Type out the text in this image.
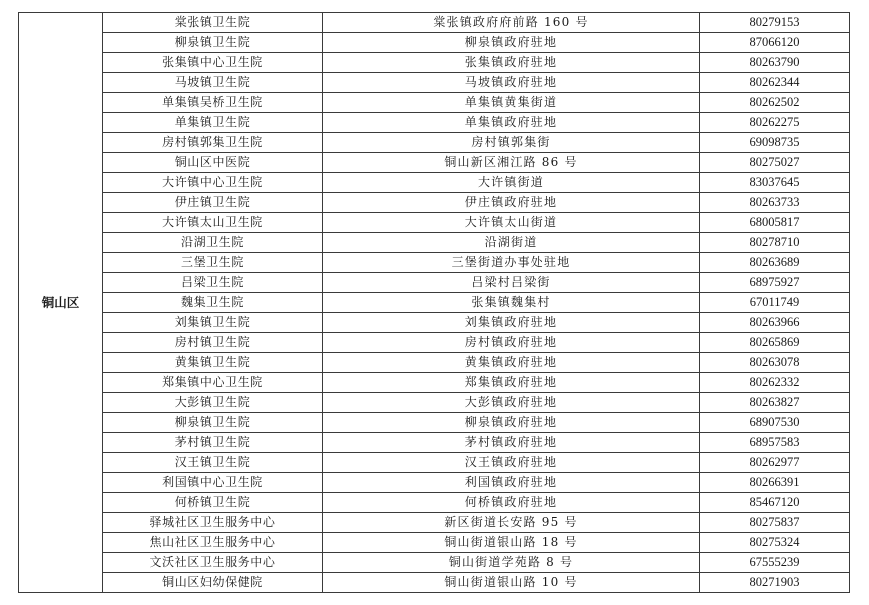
铜山区	棠张镇卫生院	棠张镇政府府前路 160 号	80279153
	柳泉镇卫生院	柳泉镇政府驻地	87066120
	张集镇中心卫生院	张集镇政府驻地	80263790
	马坡镇卫生院	马坡镇政府驻地	80262344
	单集镇吴桥卫生院	单集镇黄集街道	80262502
	单集镇卫生院	单集镇政府驻地	80262275
	房村镇郭集卫生院	房村镇郭集街	69098735
	铜山区中医院	铜山新区湘江路 86 号	80275027
	大许镇中心卫生院	大许镇街道	83037645
	伊庄镇卫生院	伊庄镇政府驻地	80263733
	大许镇太山卫生院	大许镇太山街道	68005817
	沿湖卫生院	沿湖街道	80278710
	三堡卫生院	三堡街道办事处驻地	80263689
	吕梁卫生院	吕梁村吕梁街	68975927
	魏集卫生院	张集镇魏集村	67011749
	刘集镇卫生院	刘集镇政府驻地	80263966
	房村镇卫生院	房村镇政府驻地	80265869
	黄集镇卫生院	黄集镇政府驻地	80263078
	郑集镇中心卫生院	郑集镇政府驻地	80262332
	大彭镇卫生院	大彭镇政府驻地	80263827
	柳泉镇卫生院	柳泉镇政府驻地	68907530
	茅村镇卫生院	茅村镇政府驻地	68957583
	汉王镇卫生院	汉王镇政府驻地	80262977
	利国镇中心卫生院	利国镇政府驻地	80266391
	何桥镇卫生院	何桥镇政府驻地	85467120
	驿城社区卫生服务中心	新区街道长安路 95 号	80275837
	焦山社区卫生服务中心	铜山街道银山路 18 号	80275324
	文沃社区卫生服务中心	铜山街道学苑路 8 号	67555239
	铜山区妇幼保健院	铜山街道银山路 10 号	80271903
